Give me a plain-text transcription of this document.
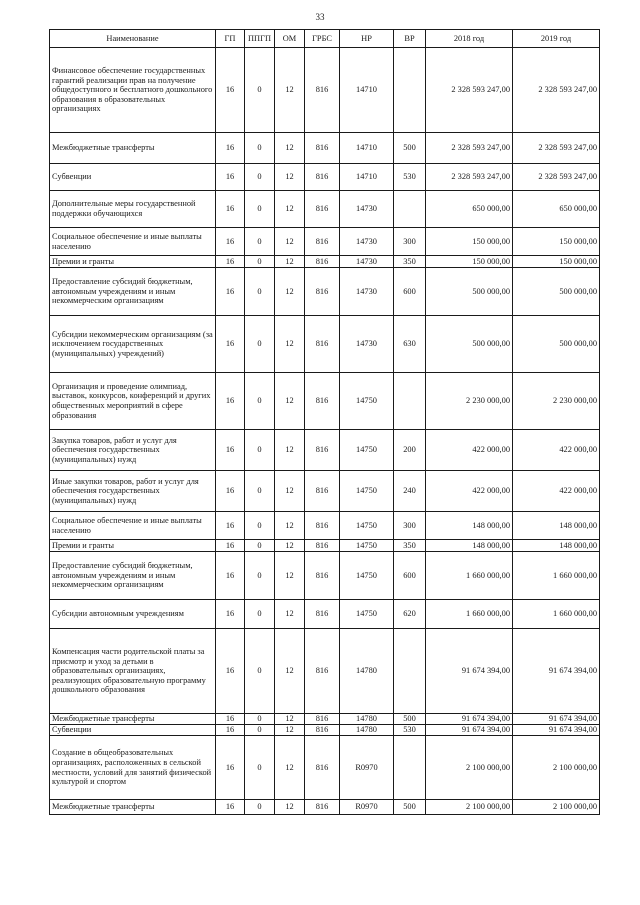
33
Наименование	ГП	ППГП	ОМ	ГРБС	НР	ВР	2018 год	2019 год
Финансовое обеспечение государственных гарантий реализации прав на получение общедоступного и бесплатного дошкольного образования в образовательных организациях	16	0	12	816	14710		2 328 593 247,00	2 328 593 247,00
Межбюджетные трансферты	16	0	12	816	14710	500	2 328 593 247,00	2 328 593 247,00
Субвенции	16	0	12	816	14710	530	2 328 593 247,00	2 328 593 247,00
Дополнительные меры государственной поддержки обучающихся	16	0	12	816	14730		650 000,00	650 000,00
Социальное обеспечение и иные выплаты населению	16	0	12	816	14730	300	150 000,00	150 000,00
Премии и гранты	16	0	12	816	14730	350	150 000,00	150 000,00
Предоставление субсидий бюджетным, автономным учреждениям и иным некоммерческим организациям	16	0	12	816	14730	600	500 000,00	500 000,00
Субсидии некоммерческим организациям (за исключением государственных (муниципальных) учреждений)	16	0	12	816	14730	630	500 000,00	500 000,00
Организация и проведение олимпиад, выставок, конкурсов, конференций и других общественных мероприятий в сфере образования	16	0	12	816	14750		2 230 000,00	2 230 000,00
Закупка товаров, работ и услуг для обеспечения государственных (муниципальных) нужд	16	0	12	816	14750	200	422 000,00	422 000,00
Иные закупки товаров, работ и услуг для обеспечения государственных (муниципальных) нужд	16	0	12	816	14750	240	422 000,00	422 000,00
Социальное обеспечение и иные выплаты населению	16	0	12	816	14750	300	148 000,00	148 000,00
Премии и гранты	16	0	12	816	14750	350	148 000,00	148 000,00
Предоставление субсидий бюджетным, автономным учреждениям и иным некоммерческим организациям	16	0	12	816	14750	600	1 660 000,00	1 660 000,00
Субсидии автономным учреждениям	16	0	12	816	14750	620	1 660 000,00	1 660 000,00
Компенсация части родительской платы за присмотр и уход за детьми в образовательных организациях, реализующих образовательную программу дошкольного образования	16	0	12	816	14780		91 674 394,00	91 674 394,00
Межбюджетные трансферты	16	0	12	816	14780	500	91 674 394,00	91 674 394,00
Субвенции	16	0	12	816	14780	530	91 674 394,00	91 674 394,00
Создание в общеобразовательных организациях, расположенных в сельской местности, условий для занятий физической культурой и спортом	16	0	12	816	R0970		2 100 000,00	2 100 000,00
Межбюджетные трансферты	16	0	12	816	R0970	500	2 100 000,00	2 100 000,00
